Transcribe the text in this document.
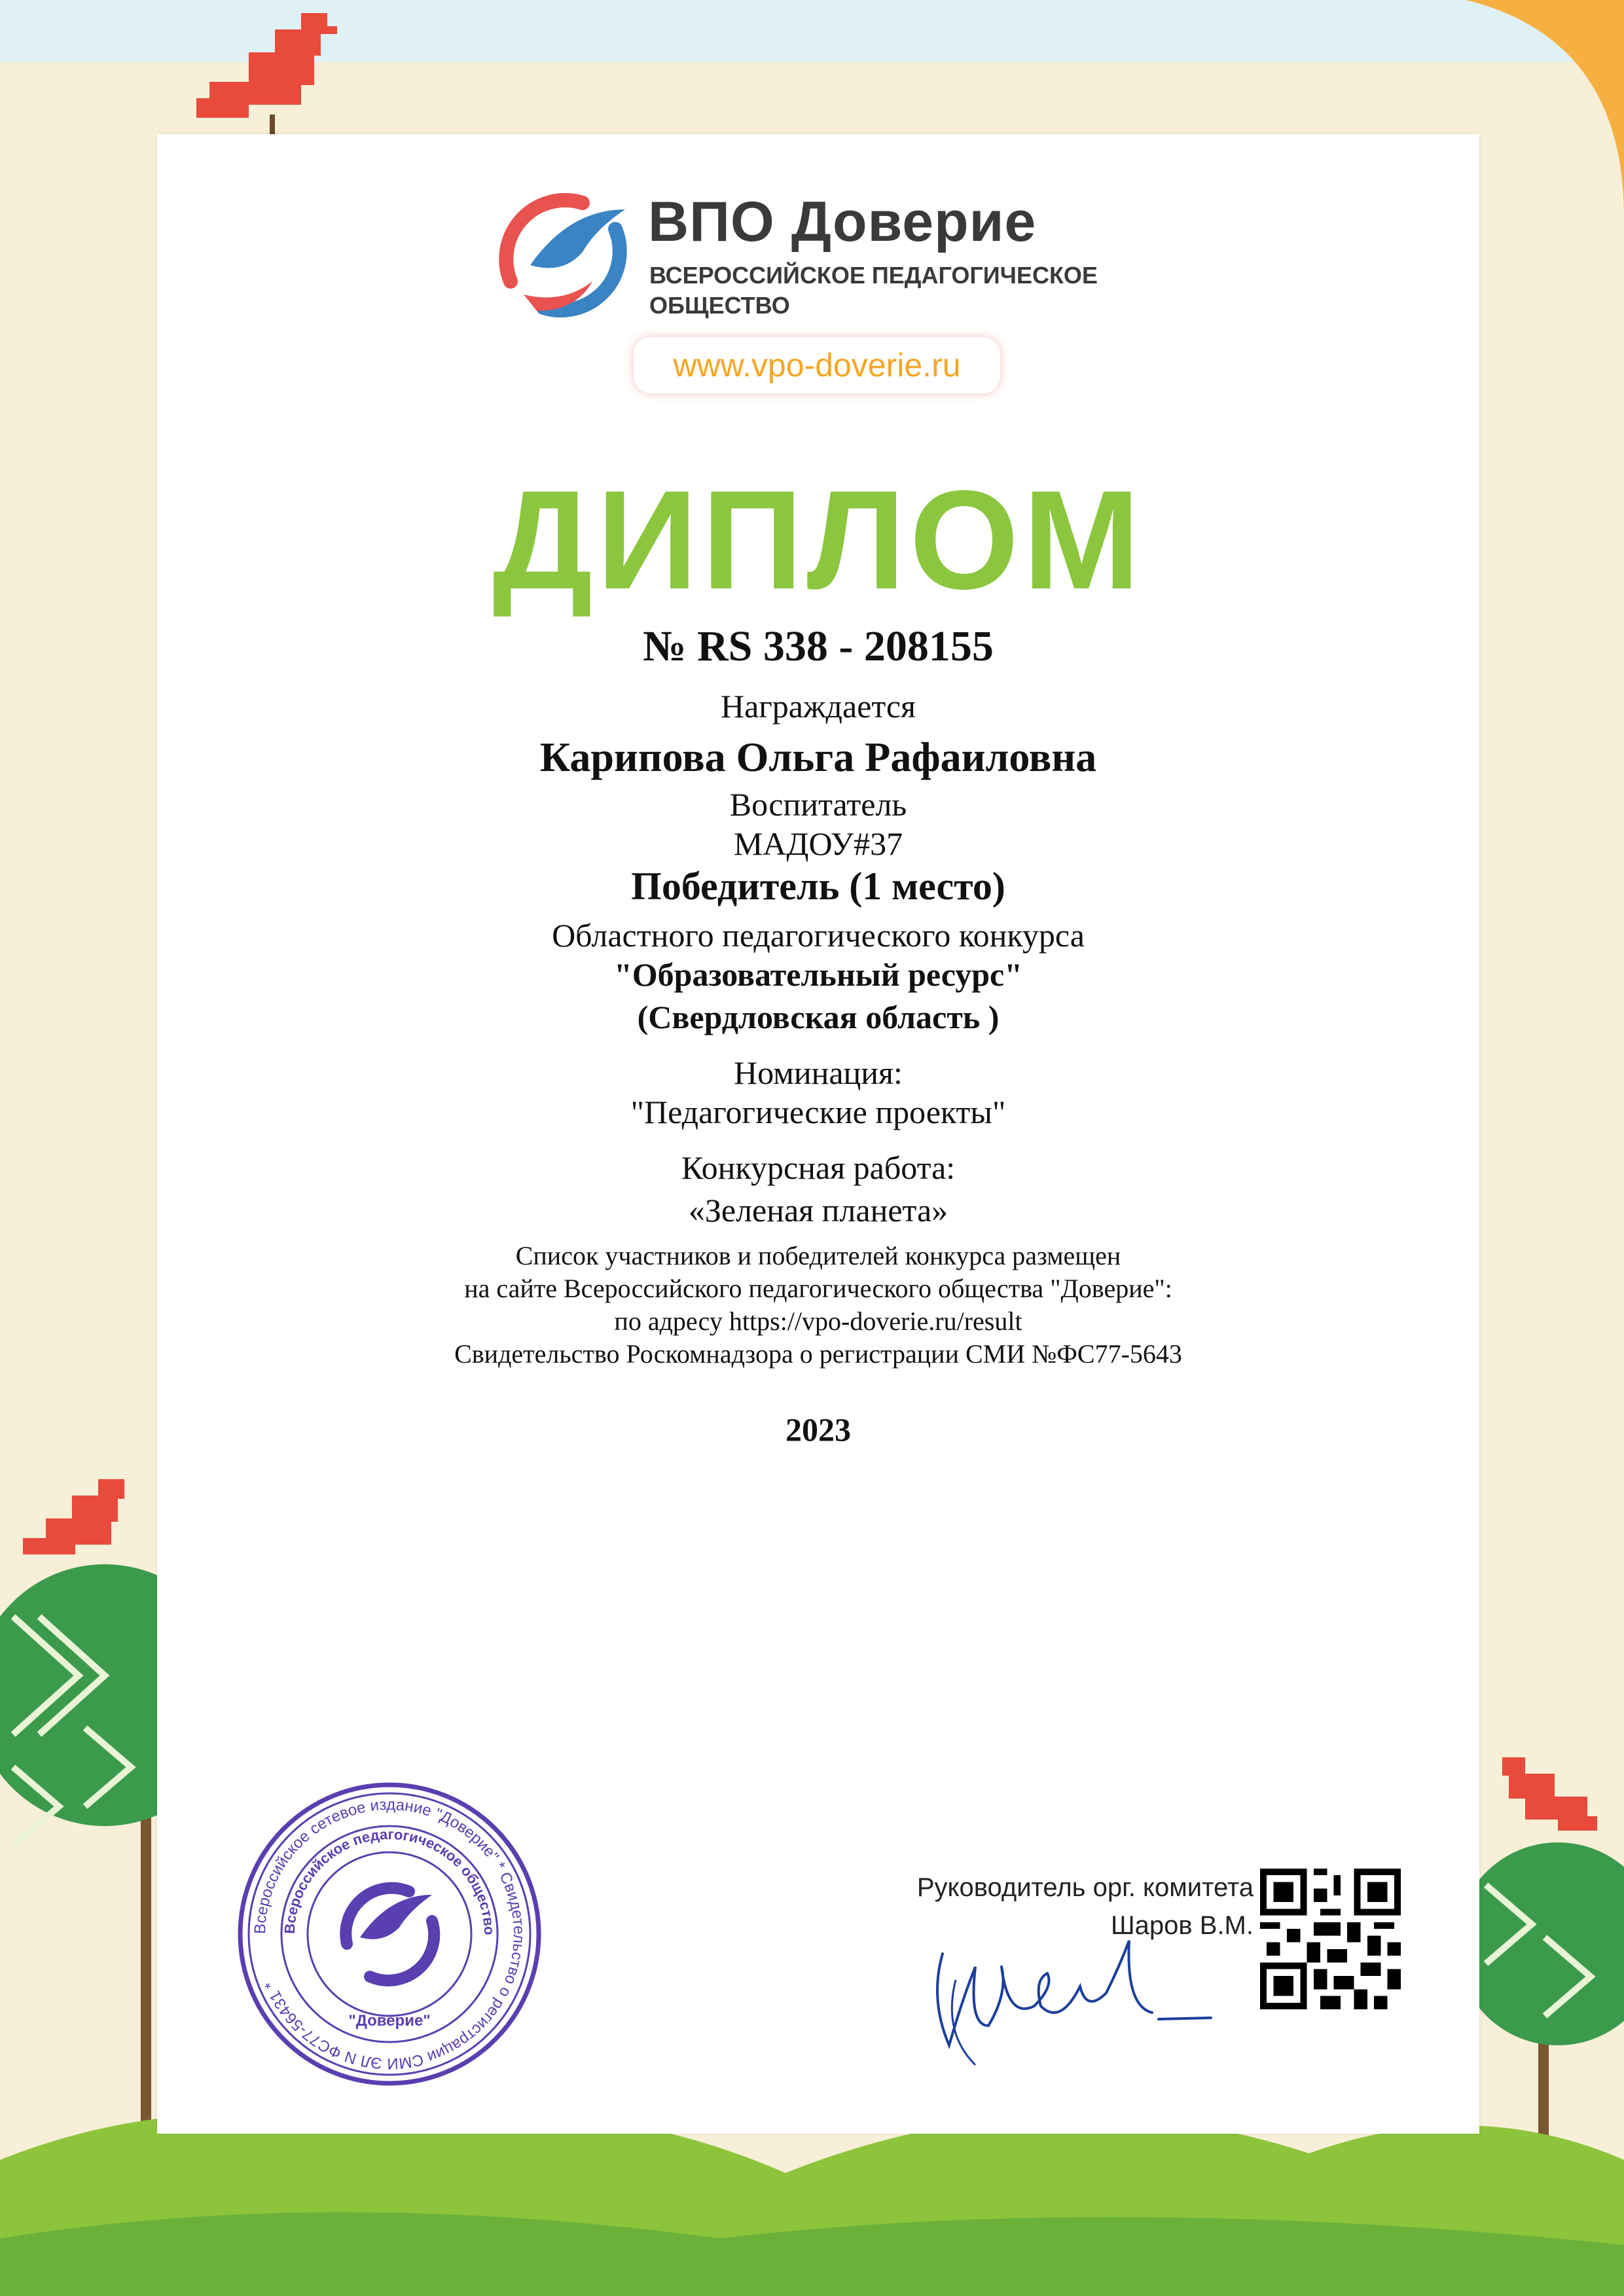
ВПО Доверие
ВСЕРОССИЙСКОЕ ПЕДАГОГИЧЕСКОЕ ОБЩЕСТВО
www.vpo-doverie.ru
ДИПЛОМ
№ RS 338 - 208155
Награждается
Карипова Ольга Рафаиловна
Воспитатель
МАДОУ#37
Победитель (1 место)
Областного педагогического конкурса
"Образовательный ресурс"
(Свердловская область )
Номинация:
"Педагогические проекты"
Конкурсная работа:
«Зеленая планета»
Список участников и победителей конкурса размещен
на сайте Всероссийского педагогического общества "Доверие":
по адресу https://vpo-doverie.ru/result
Свидетельство Роскомнадзора о регистрации СМИ №ФС77-5643
2023
Всероссийское сетевое издание "Доверие" * Свидетельство о регистрации СМИ ЭЛ N ФС77-56431 *
Всероссийское педагогическое общество
"Доверие"
Руководитель орг. комитета
Шаров В.М.
